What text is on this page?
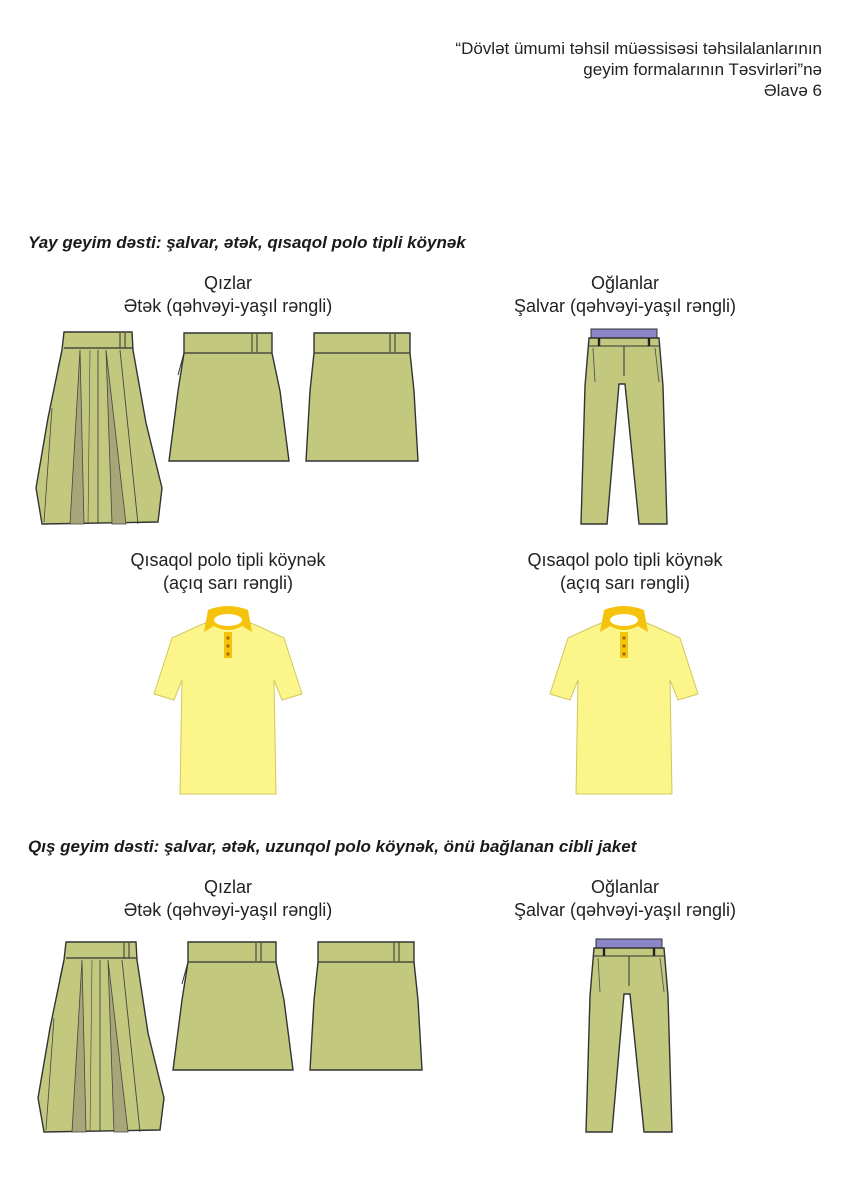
“Dövlət ümumi təhsil müəssisəsi təhsilalanlarının
geyim formalarının Təsvirləri”nə
Əlavə 6
Yay geyim dəsti: şalvar, ətək, qısaqol polo tipli köynək
Qızlar
Ətək (qəhvəyi-yaşıl rəngli)
Oğlanlar
Şalvar (qəhvəyi-yaşıl rəngli)
Qısaqol polo tipli köynək
(açıq sarı rəngli)
Qısaqol polo tipli köynək
(açıq sarı rəngli)
Qış geyim dəsti: şalvar, ətək, uzunqol polo köynək, önü bağlanan cibli jaket
Qızlar
Ətək (qəhvəyi-yaşıl rəngli)
Oğlanlar
Şalvar (qəhvəyi-yaşıl rəngli)
